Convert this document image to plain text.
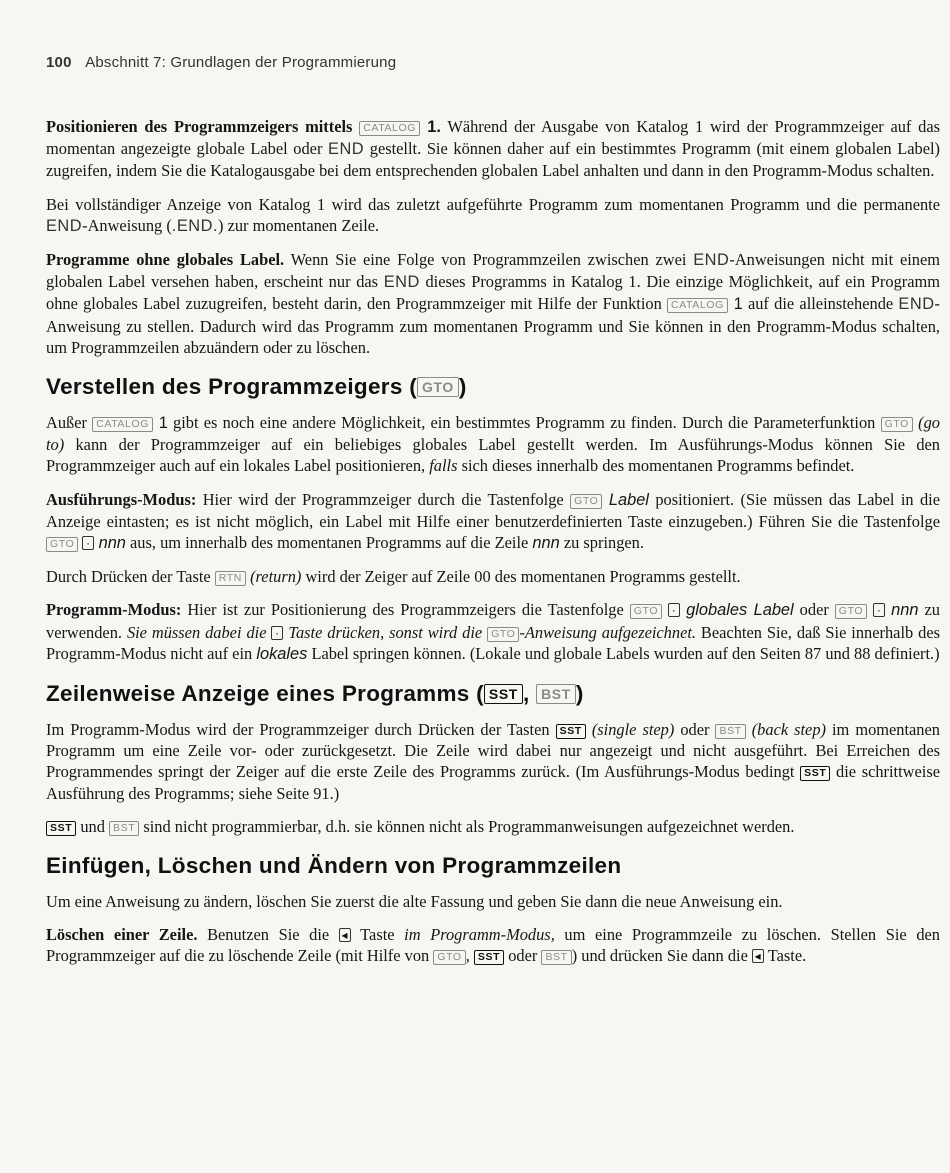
100 Abschnitt 7: Grundlagen der Programmierung

Positionieren des Programmzeigers mittels CATALOG 1. Während der Ausgabe von Katalog 1 wird der Programmzeiger auf das momentan angezeigte globale Label oder END gestellt. Sie können daher auf ein bestimmtes Programm (mit einem globalen Label) zugreifen, indem Sie die Katalogausgabe bei dem entsprechenden globalen Label anhalten und dann in den Programm-Modus schalten.

Bei vollständiger Anzeige von Katalog 1 wird das zuletzt aufgeführte Programm zum momentanen Programm und die permanente END-Anweisung (.END.) zur momentanen Zeile.

Programme ohne globales Label. Wenn Sie eine Folge von Programmzeilen zwischen zwei END-Anweisungen nicht mit einem globalen Label versehen haben, erscheint nur das END dieses Programms in Katalog 1. Die einzige Möglichkeit, auf ein Programm ohne globales Label zuzugreifen, besteht darin, den Programmzeiger mit Hilfe der Funktion CATALOG 1 auf die alleinstehende END-Anweisung zu stellen. Dadurch wird das Programm zum momentanen Programm und Sie können in den Programm-Modus schalten, um Programmzeilen abzuändern oder zu löschen.

Verstellen des Programmzeigers ( GTO )

Außer CATALOG 1 gibt es noch eine andere Möglichkeit, ein bestimmtes Programm zu finden. Durch die Parameterfunktion GTO (go to) kann der Programmzeiger auf ein beliebiges globales Label gestellt werden. Im Ausführungs-Modus können Sie den Programmzeiger auch auf ein lokales Label positionieren, falls sich dieses innerhalb des momentanen Programms befindet.

Ausführungs-Modus: Hier wird der Programmzeiger durch die Tastenfolge GTO Label positioniert. (Sie müssen das Label in die Anzeige eintasten; es ist nicht möglich, ein Label mit Hilfe einer benutzerdefinierten Taste einzugeben.) Führen Sie die Tastenfolge GTO · nnn aus, um innerhalb des momentanen Programms auf die Zeile nnn zu springen.

Durch Drücken der Taste RTN (return) wird der Zeiger auf Zeile 00 des momentanen Programms gestellt.

Programm-Modus: Hier ist zur Positionierung des Programmzeigers die Tastenfolge GTO · globales Label oder GTO · nnn zu verwenden. Sie müssen dabei die · Taste drücken, sonst wird die GTO -Anweisung aufgezeichnet. Beachten Sie, daß Sie innerhalb des Programm-Modus nicht auf ein lokales Label springen können. (Lokale und globale Labels wurden auf den Seiten 87 und 88 definiert.)

Zeilenweise Anzeige eines Programms ( SST , BST )

Im Programm-Modus wird der Programmzeiger durch Drücken der Tasten SST (single step) oder BST (back step) im momentanen Programm um eine Zeile vor- oder zurückgesetzt. Die Zeile wird dabei nur angezeigt und nicht ausgeführt. Bei Erreichen des Programmendes springt der Zeiger auf die erste Zeile des Programms zurück. (Im Ausführungs-Modus bedingt SST die schrittweise Ausführung des Programms; siehe Seite 91.)

SST und BST sind nicht programmierbar, d.h. sie können nicht als Programmanweisungen aufgezeichnet werden.

Einfügen, Löschen und Ändern von Programmzeilen

Um eine Anweisung zu ändern, löschen Sie zuerst die alte Fassung und geben Sie dann die neue Anweisung ein.

Löschen einer Zeile. Benutzen Sie die ◂ Taste im Programm-Modus, um eine Programmzeile zu löschen. Stellen Sie den Programmzeiger auf die zu löschende Zeile (mit Hilfe von GTO , SST oder BST ) und drücken Sie dann die ◂ Taste.
